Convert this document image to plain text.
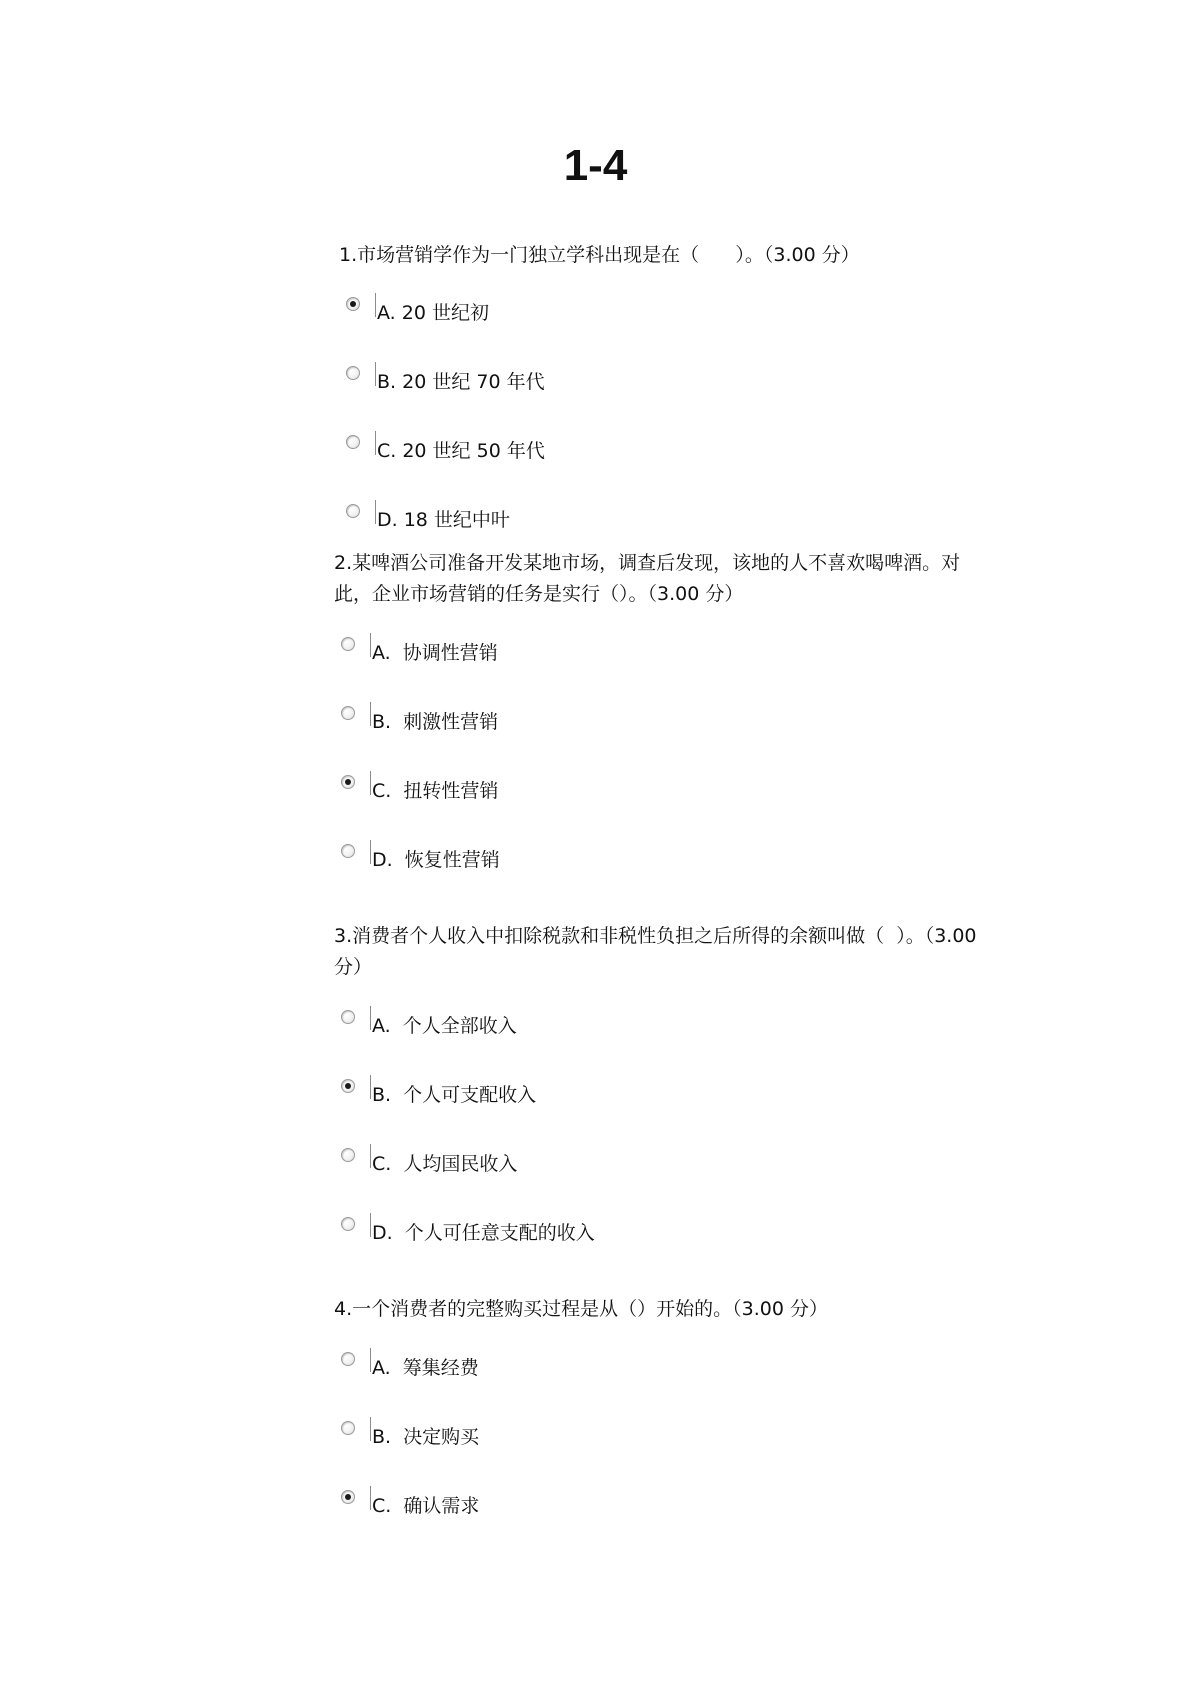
1-4

1.市场营销学作为一门独立学科出现是在（      ）。（3.00 分）

A. 20 世纪初
B. 20 世纪 70 年代
C. 20 世纪 50 年代
D. 18 世纪中叶

2.某啤酒公司准备开发某地市场，调查后发现，该地的人不喜欢喝啤酒。对
此，企业市场营销的任务是实行（）。（3.00 分）

A.  协调性营销
B.  刺激性营销
C.  扭转性营销
D.  恢复性营销

3.消费者个人收入中扣除税款和非税性负担之后所得的余额叫做（  ）。（3.00
分）

A.  个人全部收入
B.  个人可支配收入
C.  人均国民收入
D.  个人可任意支配的收入

4.一个消费者的完整购买过程是从（）开始的。（3.00 分）

A.  筹集经费
B.  决定购买
C.  确认需求
